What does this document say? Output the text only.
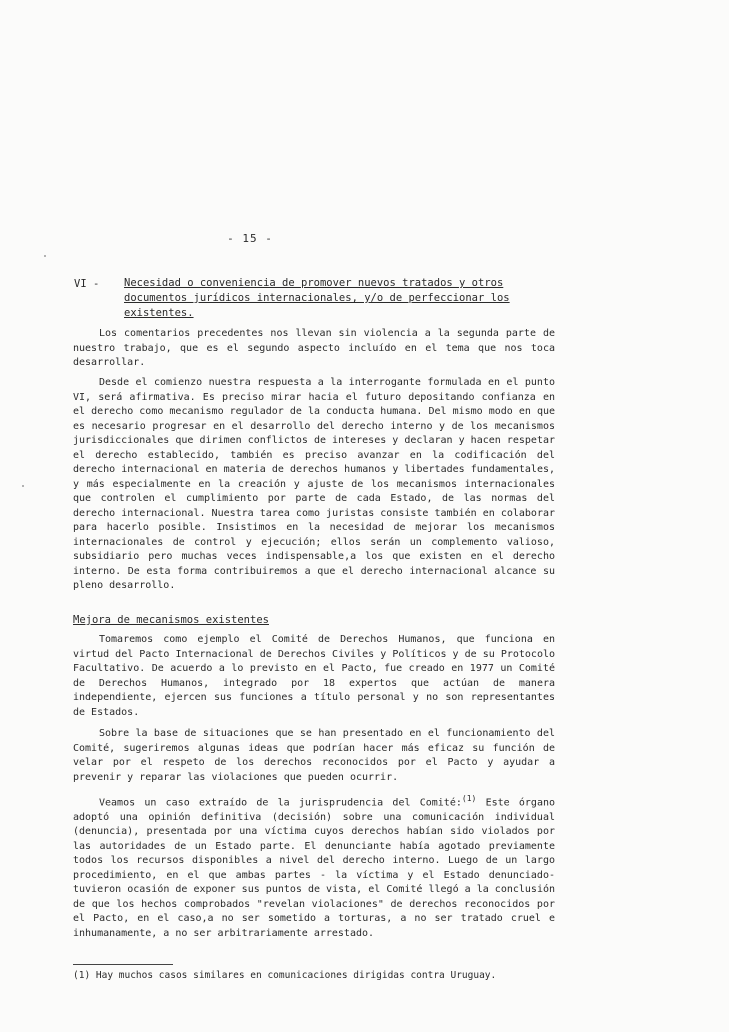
- 15 -
VI - Necesidad o conveniencia de promover nuevos tratados y otros documentos jurídicos internacionales, y/o de perfeccionar los existentes.

Los comentarios precedentes nos llevan sin violencia a la segunda parte de nuestro trabajo, que es el segundo aspecto incluído en el tema que nos toca desarrollar.

Desde el comienzo nuestra respuesta a la interrogante formulada en el punto VI, será afirmativa. Es preciso mirar hacia el futuro depositando confianza en el derecho como mecanismo regulador de la conducta humana. Del mismo modo en que es necesario progresar en el desarrollo del derecho interno y de los mecanismos jurisdiccionales que dirimen conflictos de intereses y declaran y hacen respetar el derecho establecido, también es preciso avanzar en la codificación del derecho internacional en materia de derechos humanos y libertades fundamentales, y más especialmente en la creación y ajuste de los mecanismos internacionales que controlen el cumplimiento por parte de cada Estado, de las normas del derecho internacional. Nuestra tarea como juristas consiste también en colaborar para hacerlo posible. Insistimos en la necesidad de mejorar los mecanismos internacionales de control y ejecución; ellos serán un complemento valioso, subsidiario pero muchas veces indispensable,a los que existen en el derecho interno. De esta forma contribuiremos a que el derecho internacional alcance su pleno desarrollo.

Mejora de mecanismos existentes

Tomaremos como ejemplo el Comité de Derechos Humanos, que funciona en virtud del Pacto Internacional de Derechos Civiles y Políticos y de su Protocolo Facultativo. De acuerdo a lo previsto en el Pacto, fue creado en 1977 un Comité de Derechos Humanos, integrado por 18 expertos que actúan de manera independiente, ejercen sus funciones a título personal y no son representantes de Estados.

Sobre la base de situaciones que se han presentado en el funcionamiento del Comité, sugeriremos algunas ideas que podrían hacer más eficaz su función de velar por el respeto de los derechos reconocidos por el Pacto y ayudar a prevenir y reparar las violaciones que pueden ocurrir.

Veamos un caso extraído de la jurisprudencia del Comité:$^{(1)}$ Este órgano adoptó una opinión definitiva (decisión) sobre una comunicación individual (denuncia), presentada por una víctima cuyos derechos habían sido violados por las autoridades de un Estado parte. El denunciante había agotado previamente todos los recursos disponibles a nivel del derecho interno. Luego de un largo procedimiento, en el que ambas partes - la víctima y el Estado denunciado- tuvieron ocasión de exponer sus puntos de vista, el Comité llegó a la conclusión de que los hechos comprobados "revelan violaciones" de derechos reconocidos por el Pacto, en el caso,a no ser sometido a torturas, a no ser tratado cruel e inhumanamente, a no ser arbitrariamente arrestado.

(1) Hay muchos casos similares en comunicaciones dirigidas contra Uruguay.
